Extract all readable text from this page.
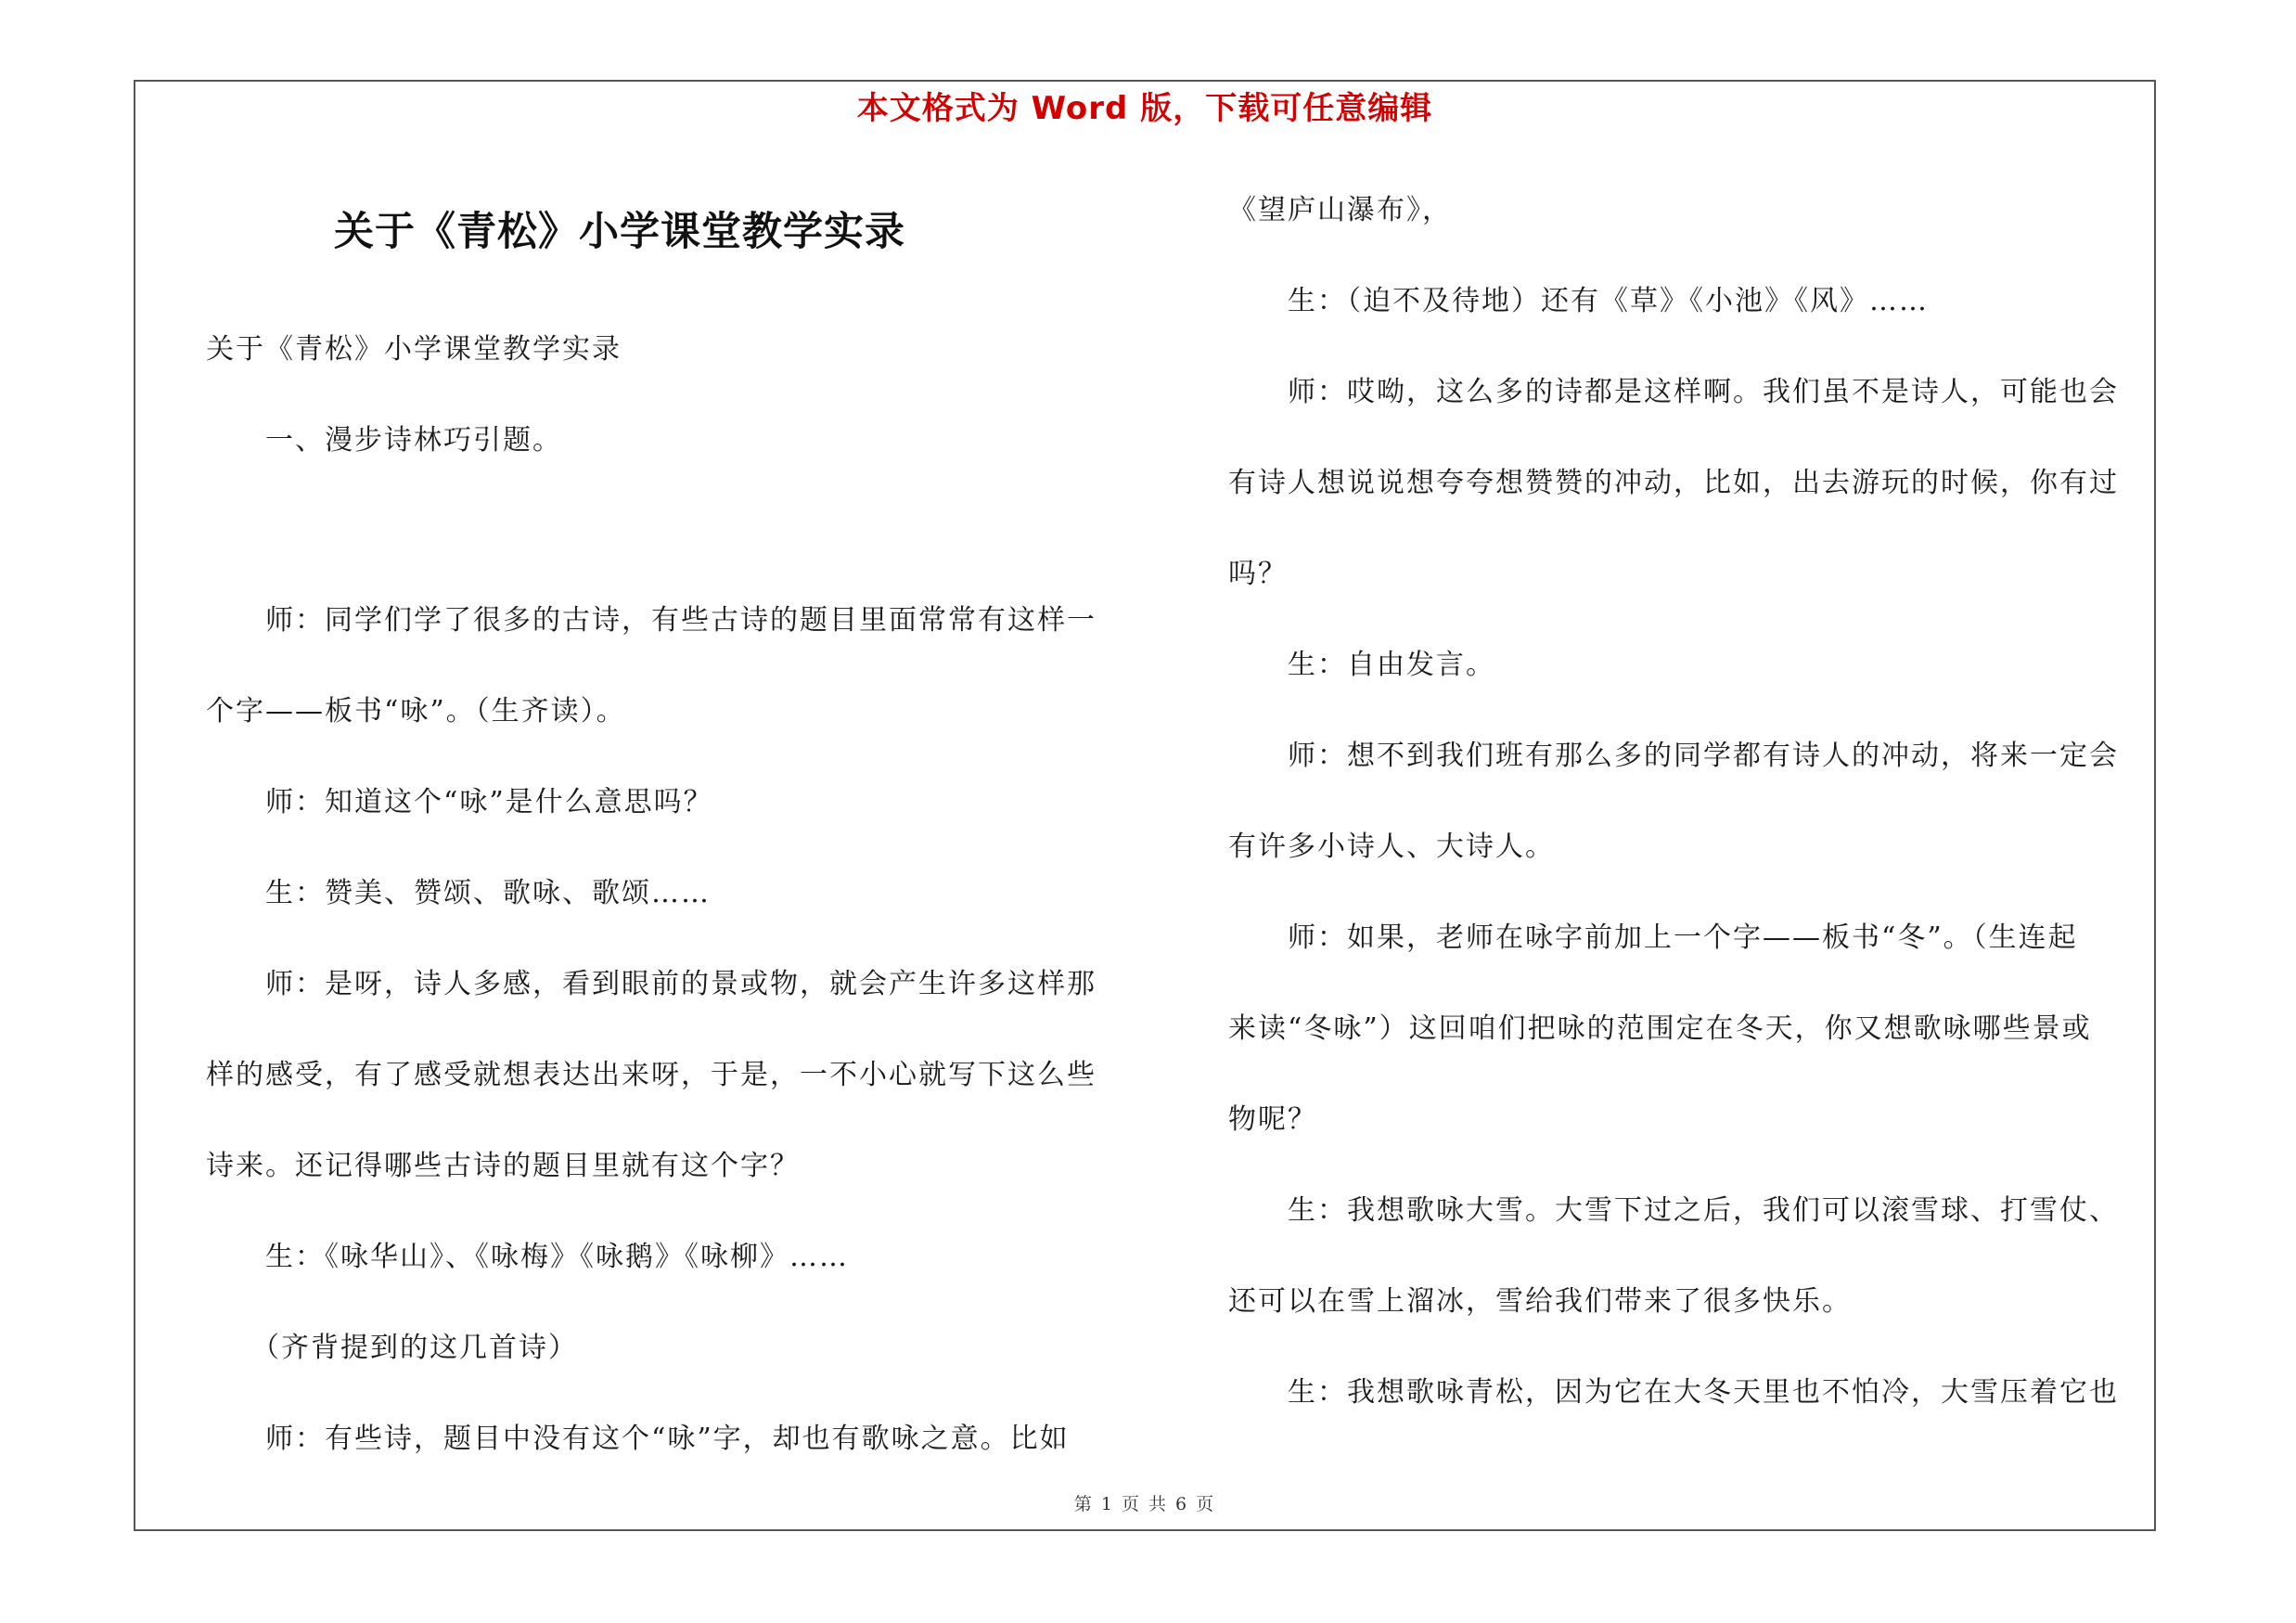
本文格式为 Word 版，下载可任意编辑
关于《青松》小学课堂教学实录

关于《青松》小学课堂教学实录

　　一、漫步诗林巧引题。

　　师：同学们学了很多的古诗，有些古诗的题目里面常常有这样一

个字——板书“咏”。（生齐读）。

　　师：知道这个“咏”是什么意思吗？

　　生：赞美、赞颂、歌咏、歌颂……

　　师：是呀，诗人多感，看到眼前的景或物，就会产生许多这样那

样的感受，有了感受就想表达出来呀，于是，一不小心就写下这么些

诗来。还记得哪些古诗的题目里就有这个字？

　　生：《咏华山》、《咏梅》《咏鹅》《咏柳》……

　　（齐背提到的这几首诗）

　　师：有些诗，题目中没有这个“咏”字，却也有歌咏之意。比如

《望庐山瀑布》，

　　生：（迫不及待地）还有《草》《小池》《风》……

　　师：哎呦，这么多的诗都是这样啊。我们虽不是诗人，可能也会

有诗人想说说想夸夸想赞赞的冲动，比如，出去游玩的时候，你有过

吗？

　　生：自由发言。

　　师：想不到我们班有那么多的同学都有诗人的冲动，将来一定会

有许多小诗人、大诗人。

　　师：如果，老师在咏字前加上一个字——板书“冬”。（生连起

来读“冬咏”）这回咱们把咏的范围定在冬天，你又想歌咏哪些景或

物呢？

　　生：我想歌咏大雪。大雪下过之后，我们可以滚雪球、打雪仗、

还可以在雪上溜冰，雪给我们带来了很多快乐。

　　生：我想歌咏青松，因为它在大冬天里也不怕冷，大雪压着它也

第 1 页 共 6 页
